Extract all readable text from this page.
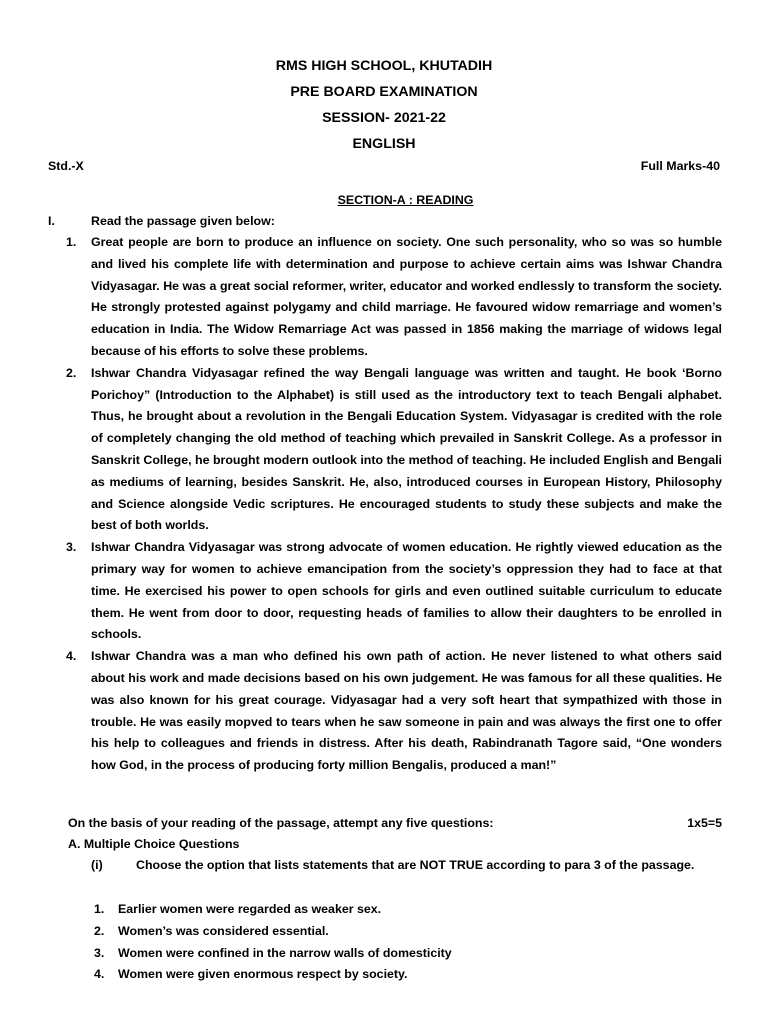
RMS HIGH SCHOOL, KHUTADIH
PRE BOARD EXAMINATION
SESSION- 2021-22
ENGLISH
Std.-X	Full Marks-40
SECTION-A : READING
I.	Read the passage given below:
1. Great people are born to produce an influence on society. One such personality, who so was so humble and lived his complete life with determination and purpose to achieve certain aims was Ishwar Chandra Vidyasagar. He was a great social reformer, writer, educator and worked endlessly to transform the society. He strongly protested against polygamy and child marriage. He favoured widow remarriage and women’s education in India. The Widow Remarriage Act was passed in 1856 making the marriage of widows legal because of his efforts to solve these problems.
2. Ishwar Chandra Vidyasagar refined the way Bengali language was written and taught. He book ‘Borno Porichoy” (Introduction to the Alphabet) is still used as the introductory text to teach Bengali alphabet. Thus, he brought about a revolution in the Bengali Education System. Vidyasagar is credited with the role of completely changing the old method of teaching which prevailed in Sanskrit College. As a professor in Sanskrit College, he brought modern outlook into the method of teaching. He included English and Bengali as mediums of learning, besides Sanskrit. He, also, introduced courses in European History, Philosophy and Science alongside Vedic scriptures. He encouraged students to study these subjects and make the best of both worlds.
3. Ishwar Chandra Vidyasagar was strong advocate of women education. He rightly viewed education as the primary way for women to achieve emancipation from the society’s oppression they had to face at that time. He exercised his power to open schools for girls and even outlined suitable curriculum to educate them. He went from door to door, requesting heads of families to allow their daughters to be enrolled in schools.
4. Ishwar Chandra was a man who defined his own path of action. He never listened to what others said about his work and made decisions based on his own judgement. He was famous for all these qualities. He was also known for his great courage. Vidyasagar had a very soft heart that sympathized with those in trouble. He was easily mopved to tears when he saw someone in pain and was always the first one to offer his help to colleagues and friends in distress. After his death, Rabindranath Tagore said, “One wonders how God, in the process of producing forty million Bengalis, produced a man!”
On the basis of your reading of the passage, attempt any five questions:	1x5=5
A. Multiple Choice Questions
(i)	Choose the option that lists statements that are NOT TRUE according to para 3 of the passage.
1. Earlier women were regarded as weaker sex.
2. Women’s was considered essential.
3. Women were confined in the narrow walls of domesticity
4. Women were given enormous respect by society.
